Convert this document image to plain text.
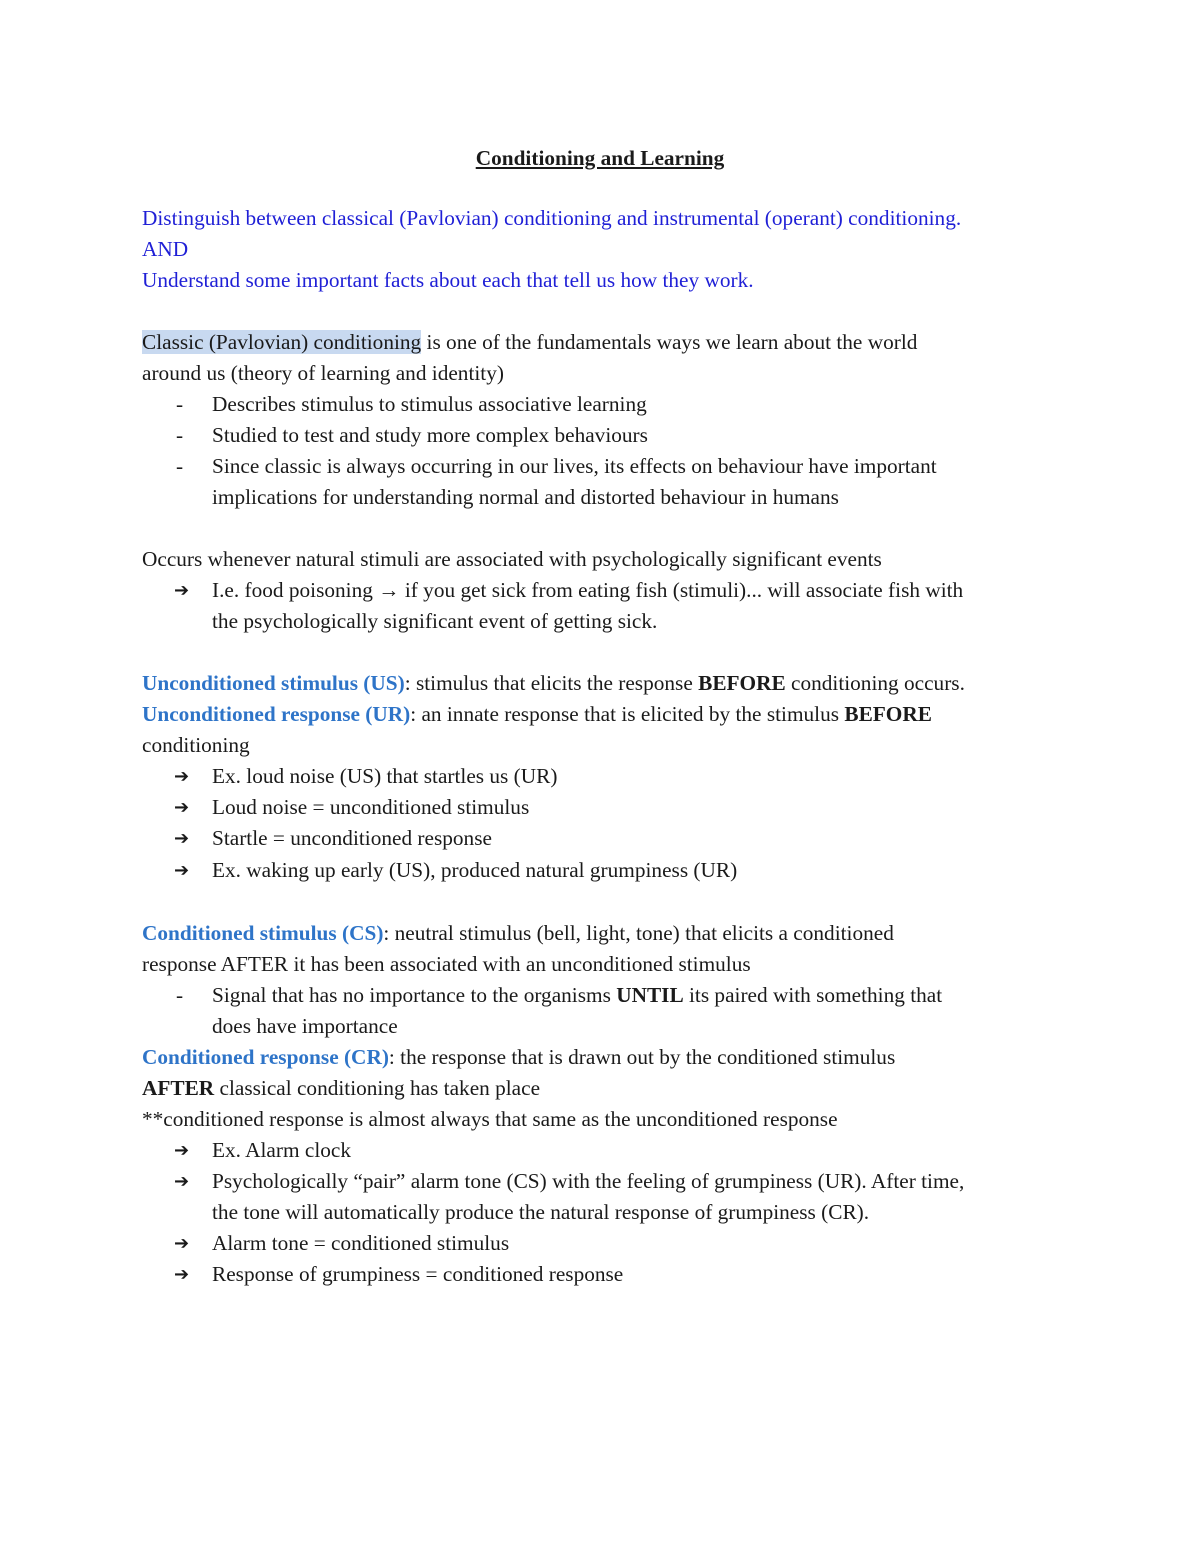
Conditioning and Learning
Distinguish between classical (Pavlovian) conditioning and instrumental (operant) conditioning.
AND
Understand some important facts about each that tell us how they work.
Classic (Pavlovian) conditioning is one of the fundamentals ways we learn about the world
around us (theory of learning and identity)
- Describes stimulus to stimulus associative learning
- Studied to test and study more complex behaviours
- Since classic is always occurring in our lives, its effects on behaviour have important
implications for understanding normal and distorted behaviour in humans
Occurs whenever natural stimuli are associated with psychologically significant events
➔ I.e. food poisoning → if you get sick from eating fish (stimuli)... will associate fish with
the psychologically significant event of getting sick.
Unconditioned stimulus (US): stimulus that elicits the response BEFORE conditioning occurs.
Unconditioned response (UR): an innate response that is elicited by the stimulus BEFORE
conditioning
➔ Ex. loud noise (US) that startles us (UR)
➔ Loud noise = unconditioned stimulus
➔ Startle = unconditioned response
➔ Ex. waking up early (US), produced natural grumpiness (UR)
Conditioned stimulus (CS): neutral stimulus (bell, light, tone) that elicits a conditioned
response AFTER it has been associated with an unconditioned stimulus
- Signal that has no importance to the organisms UNTIL its paired with something that
does have importance
Conditioned response (CR): the response that is drawn out by the conditioned stimulus
AFTER classical conditioning has taken place
**conditioned response is almost always that same as the unconditioned response
➔ Ex. Alarm clock
➔ Psychologically “pair” alarm tone (CS) with the feeling of grumpiness (UR). After time,
the tone will automatically produce the natural response of grumpiness (CR).
➔ Alarm tone = conditioned stimulus
➔ Response of grumpiness = conditioned response
